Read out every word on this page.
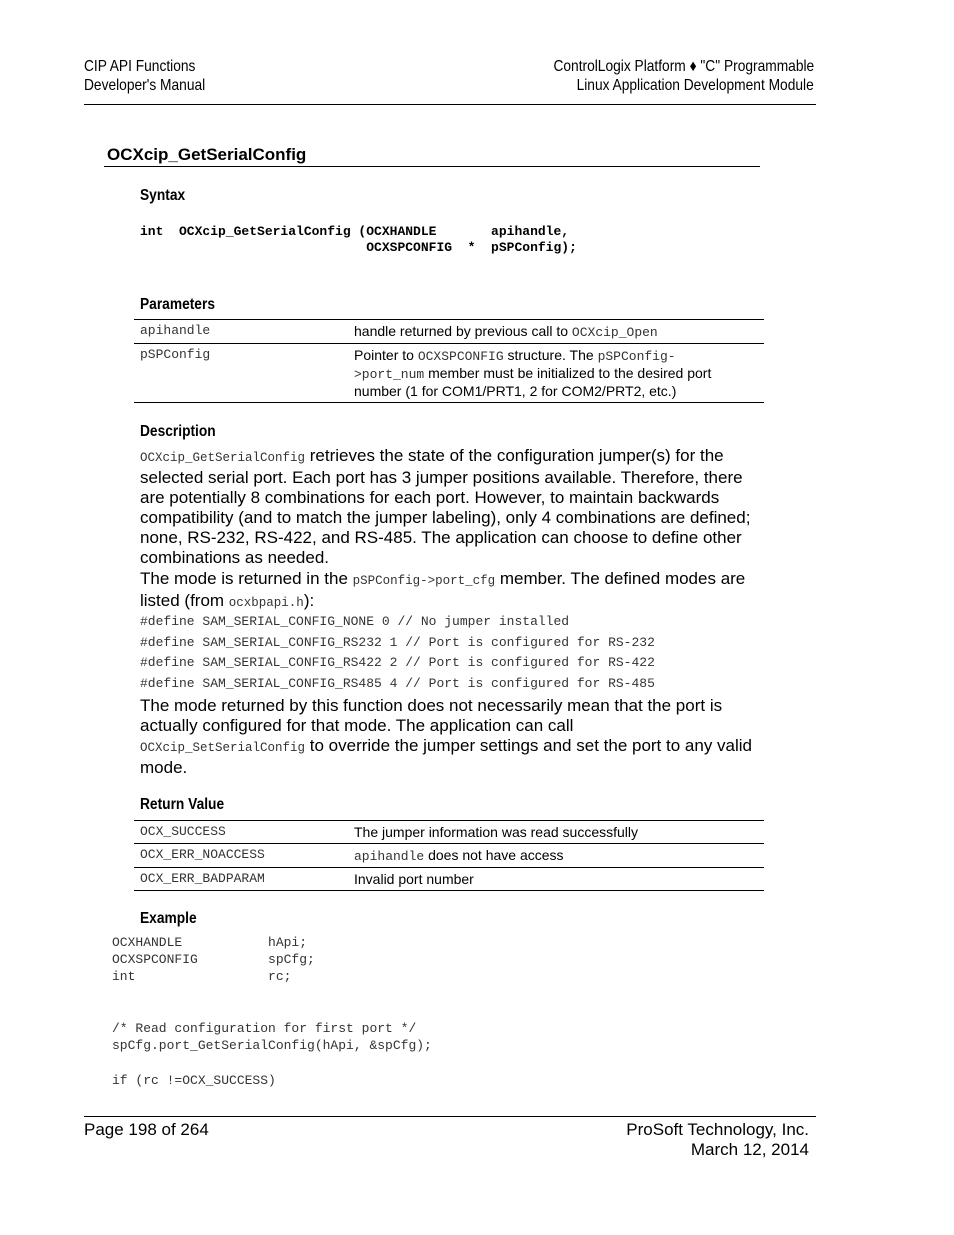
CIP API Functions
Developer's Manual
ControlLogix Platform ♦ "C" Programmable
Linux Application Development Module
OCXcip_GetSerialConfig
Syntax
int  OCXcip_GetSerialConfig (OCXHANDLE       apihandle,
OCXSPCONFIG  *  pSPConfig);
Parameters
apihandle	handle returned by previous call to OCXcip_Open
pSPConfig	Pointer to OCXSPCONFIG structure. The pSPConfig-
>port_num member must be initialized to the desired port number (1 for COM1/PRT1, 2 for COM2/PRT2, etc.)
Description
OCXcip_GetSerialConfig retrieves the state of the configuration jumper(s) for the selected serial port. Each port has 3 jumper positions available. Therefore, there are potentially 8 combinations for each port. However, to maintain backwards compatibility (and to match the jumper labeling), only 4 combinations are defined; none, RS-232, RS-422, and RS-485. The application can choose to define other combinations as needed.
The mode is returned in the pSPConfig->port_cfg member. The defined modes are listed (from ocxbpapi.h):
#define SAM_SERIAL_CONFIG_NONE 0 // No jumper installed
#define SAM_SERIAL_CONFIG_RS232 1 // Port is configured for RS-232
#define SAM_SERIAL_CONFIG_RS422 2 // Port is configured for RS-422
#define SAM_SERIAL_CONFIG_RS485 4 // Port is configured for RS-485
The mode returned by this function does not necessarily mean that the port is actually configured for that mode. The application can call
OCXcip_SetSerialConfig to override the jumper settings and set the port to any valid mode.
Return Value
OCX_SUCCESS	The jumper information was read successfully
OCX_ERR_NOACCESS	apihandle does not have access
OCX_ERR_BADPARAM	Invalid port number
Example
OCXHANDLE           hApi;
OCXSPCONFIG         spCfg;
int                 rc;

/* Read configuration for first port */
spCfg.port_GetSerialConfig(hApi, &spCfg);

if (rc !=OCX_SUCCESS)
Page 198 of 264	ProSoft Technology, Inc.
March 12, 2014
